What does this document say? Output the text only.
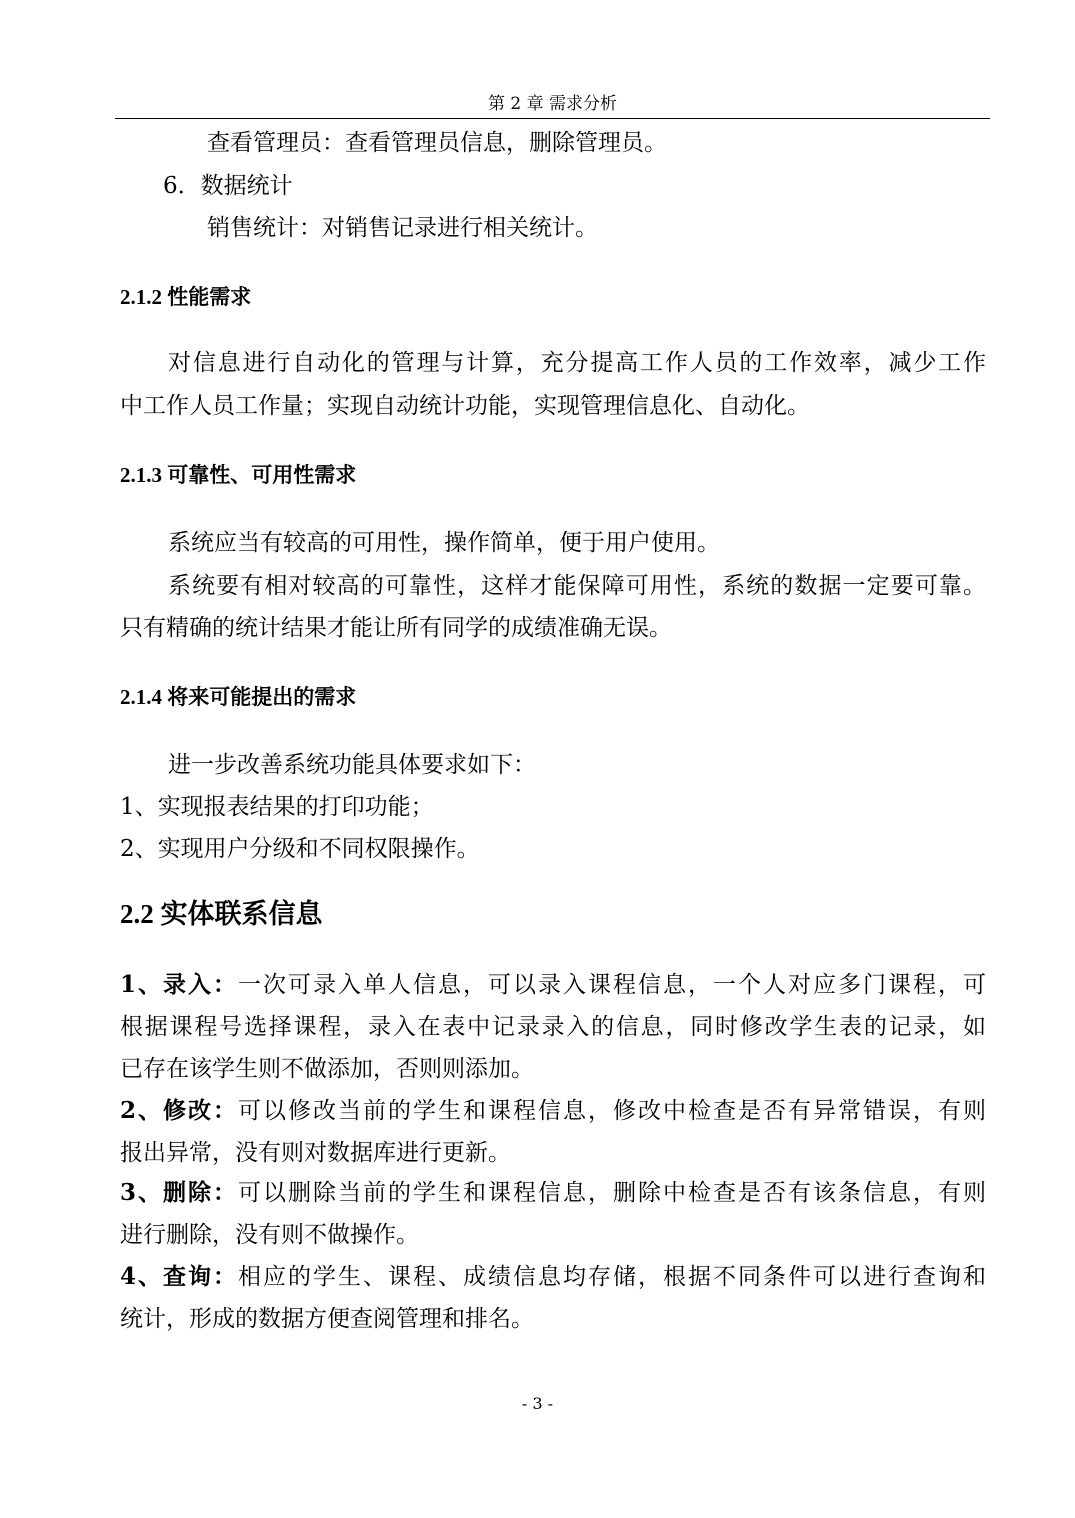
第 2 章 需求分析
查看管理员：查看管理员信息，删除管理员。
6．数据统计
销售统计：对销售记录进行相关统计。
2.1.2 性能需求
对信息进行自动化的管理与计算，充分提高工作人员的工作效率，减少工作
中工作人员工作量；实现自动统计功能，实现管理信息化、自动化。
2.1.3 可靠性、可用性需求
系统应当有较高的可用性，操作简单，便于用户使用。
系统要有相对较高的可靠性，这样才能保障可用性，系统的数据一定要可靠。
只有精确的统计结果才能让所有同学的成绩准确无误。
2.1.4 将来可能提出的需求
进一步改善系统功能具体要求如下：
1、实现报表结果的打印功能；
2、实现用户分级和不同权限操作。
2.2 实体联系信息
1、录入：一次可录入单人信息，可以录入课程信息，一个人对应多门课程，可
根据课程号选择课程，录入在表中记录录入的信息，同时修改学生表的记录，如
已存在该学生则不做添加，否则则添加。
2、修改：可以修改当前的学生和课程信息，修改中检查是否有异常错误，有则
报出异常，没有则对数据库进行更新。
3、删除：可以删除当前的学生和课程信息，删除中检查是否有该条信息，有则
进行删除，没有则不做操作。
4、查询：相应的学生、课程、成绩信息均存储，根据不同条件可以进行查询和
统计，形成的数据方便查阅管理和排名。
- 3 -
